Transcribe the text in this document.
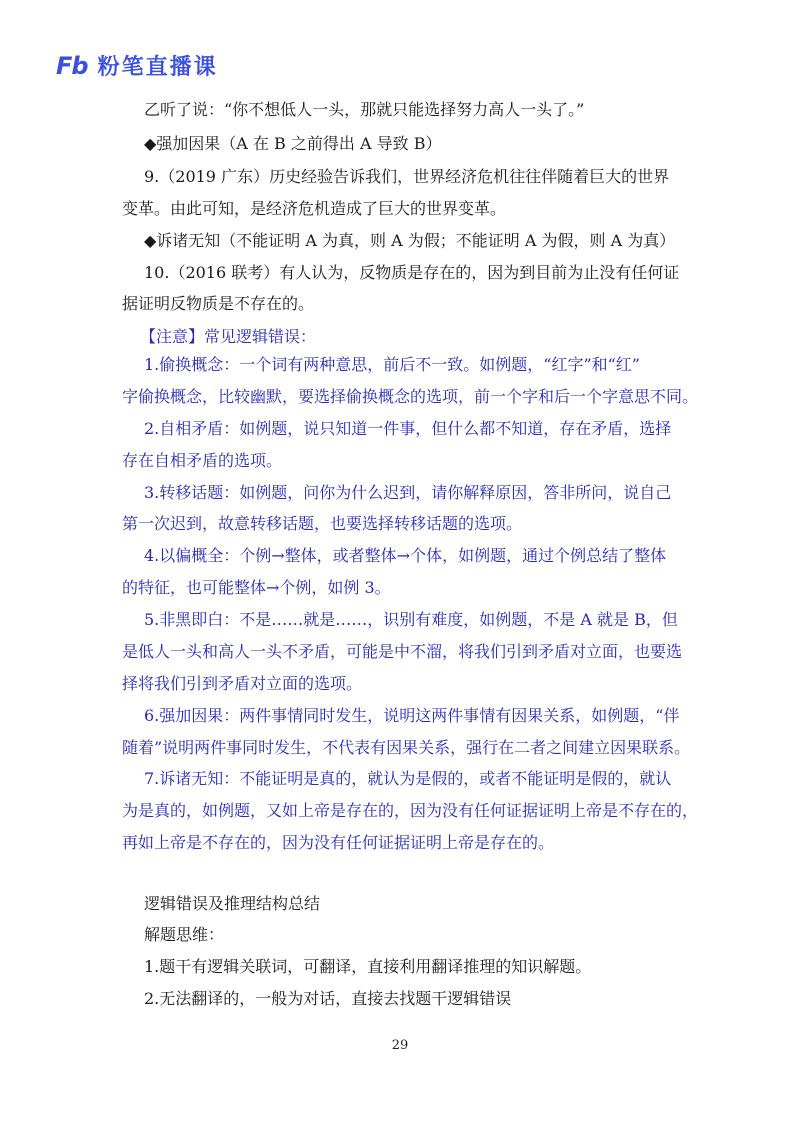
Fb 粉笔直播课
乙听了说：“你不想低人一头，那就只能选择努力高人一头了。”
◆强加因果（A 在 B 之前得出 A 导致 B）
9.（2019 广东）历史经验告诉我们，世界经济危机往往伴随着巨大的世界
变革。由此可知，是经济危机造成了巨大的世界变革。
◆诉诸无知（不能证明 A 为真，则 A 为假；不能证明 A 为假，则 A 为真）
10.（2016 联考）有人认为，反物质是存在的，因为到目前为止没有任何证
据证明反物质是不存在的。
【注意】常见逻辑错误：
1.偷换概念：一个词有两种意思，前后不一致。如例题，“红字”和“红”
字偷换概念，比较幽默，要选择偷换概念的选项，前一个字和后一个字意思不同。
2.自相矛盾：如例题，说只知道一件事，但什么都不知道，存在矛盾，选择
存在自相矛盾的选项。
3.转移话题：如例题，问你为什么迟到，请你解释原因，答非所问，说自己
第一次迟到，故意转移话题，也要选择转移话题的选项。
4.以偏概全：个例→整体，或者整体→个体，如例题，通过个例总结了整体
的特征，也可能整体→个例，如例 3。
5.非黑即白：不是……就是……，识别有难度，如例题，不是 A 就是 B，但
是低人一头和高人一头不矛盾，可能是中不溜，将我们引到矛盾对立面，也要选
择将我们引到矛盾对立面的选项。
6.强加因果：两件事情同时发生，说明这两件事情有因果关系，如例题，“伴
随着”说明两件事同时发生，不代表有因果关系，强行在二者之间建立因果联系。
7.诉诸无知：不能证明是真的，就认为是假的，或者不能证明是假的，就认
为是真的，如例题，又如上帝是存在的，因为没有任何证据证明上帝是不存在的，
再如上帝是不存在的，因为没有任何证据证明上帝是存在的。
逻辑错误及推理结构总结
解题思维：
1.题干有逻辑关联词，可翻译，直接利用翻译推理的知识解题。
2.无法翻译的，一般为对话，直接去找题干逻辑错误
29
